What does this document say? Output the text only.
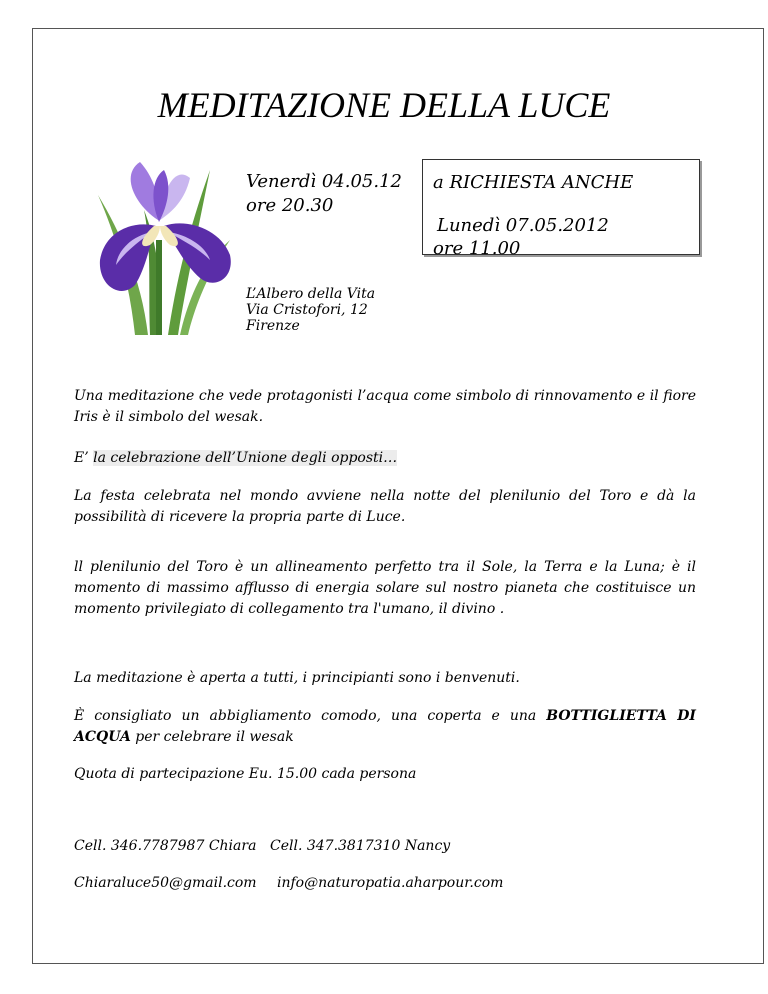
MEDITAZIONE DELLA LUCE
Venerdì 04.05.12
ore 20.30
a RICHIESTA ANCHE
Lunedì 07.05.2012
ore 11.00
L’Albero della Vita
Via Cristofori, 12
Firenze
Una meditazione che vede protagonisti l’acqua come simbolo di rinnovamento e il fiore Iris è il simbolo del wesak.
E’ la celebrazione dell’Unione degli opposti…
La festa celebrata nel mondo avviene nella notte del plenilunio del Toro e dà la possibilità di ricevere la propria parte di Luce.
ll plenilunio del Toro è un allineamento perfetto tra il Sole, la Terra e la Luna; è il momento di massimo afflusso di energia solare sul nostro pianeta che costituisce un momento privilegiato di collegamento tra l'umano, il divino .
La meditazione è aperta a tutti, i principianti sono i benvenuti.
È consigliato un abbigliamento comodo, una coperta e una BOTTIGLIETTA DI ACQUA per celebrare il wesak
Quota di partecipazione Eu. 15.00 cada persona
Cell. 346.7787987 Chiara Cell. 347.3817310 Nancy
Chiaraluce50@gmail.com info@naturopatia.aharpour.com
